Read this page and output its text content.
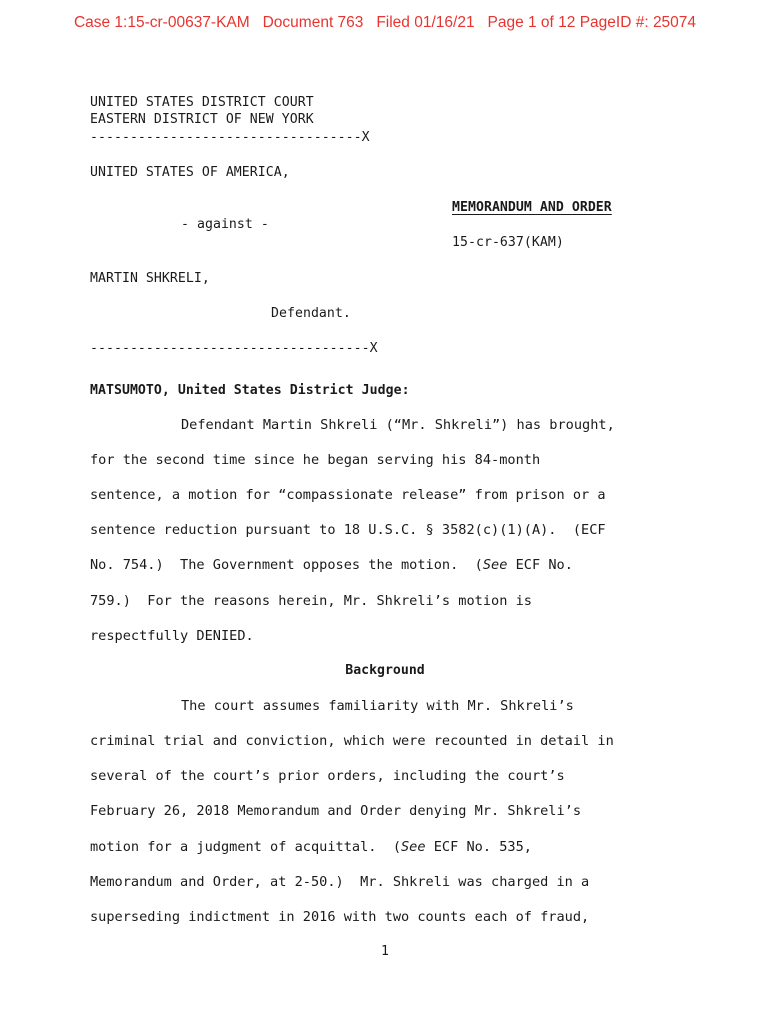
Case 1:15-cr-00637-KAM   Document 763   Filed 01/16/21   Page 1 of 12 PageID #: 25074
UNITED STATES DISTRICT COURT
EASTERN DISTRICT OF NEW YORK
----------------------------------X
UNITED STATES OF AMERICA,
MEMORANDUM AND ORDER
- against -
15-cr-637(KAM)
MARTIN SHKRELI,
Defendant.
-----------------------------------X
MATSUMOTO, United States District Judge:
Defendant Martin Shkreli (“Mr. Shkreli”) has brought,
for the second time since he began serving his 84-month
sentence, a motion for “compassionate release” from prison or a
sentence reduction pursuant to 18 U.S.C. § 3582(c)(1)(A).  (ECF
No. 754.)  The Government opposes the motion.  (See ECF No.
759.)  For the reasons herein, Mr. Shkreli’s motion is
respectfully DENIED.
Background
The court assumes familiarity with Mr. Shkreli’s
criminal trial and conviction, which were recounted in detail in
several of the court’s prior orders, including the court’s
February 26, 2018 Memorandum and Order denying Mr. Shkreli’s
motion for a judgment of acquittal.  (See ECF No. 535,
Memorandum and Order, at 2-50.)  Mr. Shkreli was charged in a
superseding indictment in 2016 with two counts each of fraud,
1
